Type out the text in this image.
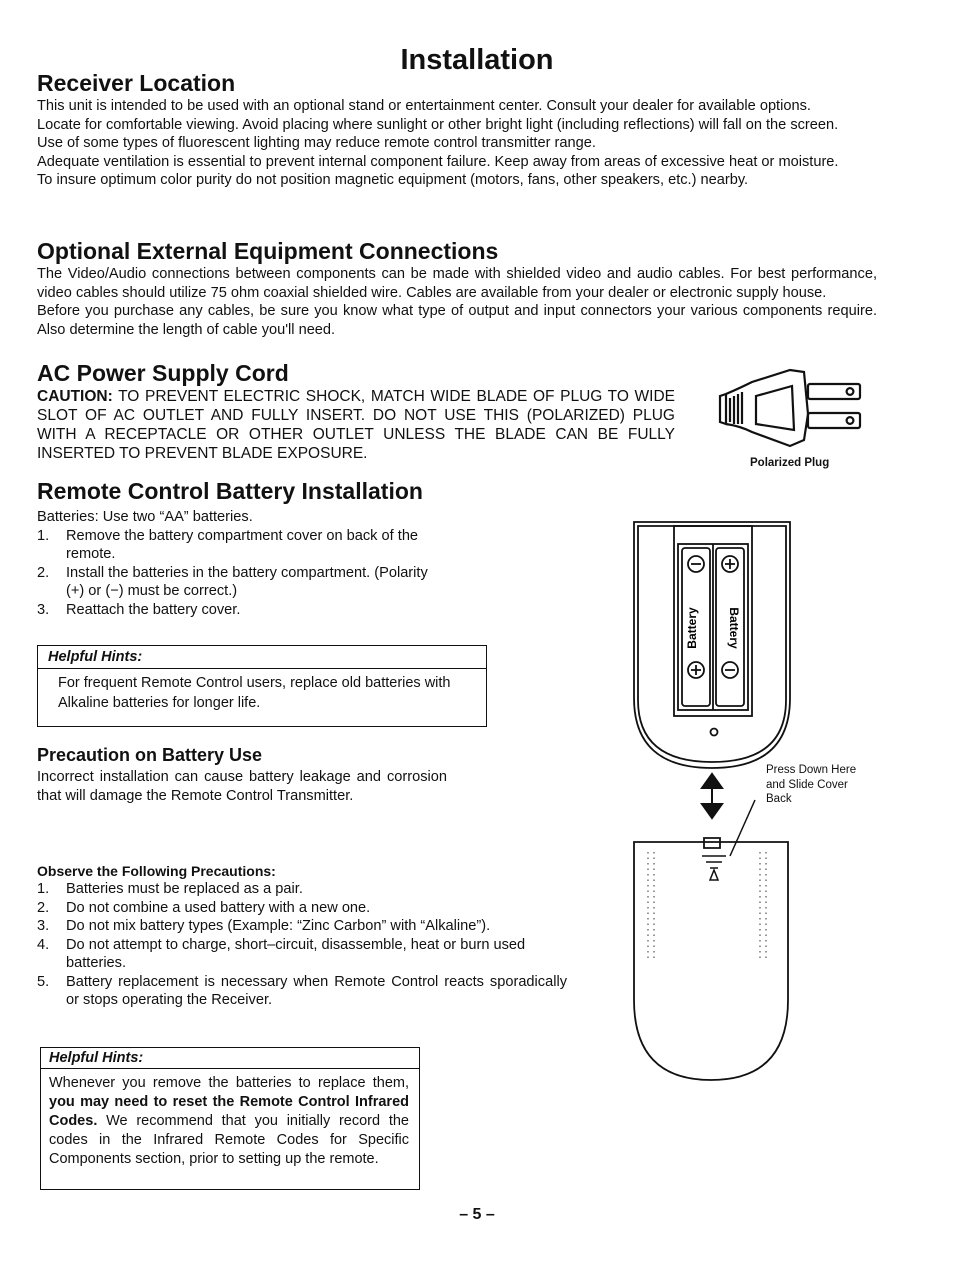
Installation
Receiver Location

This unit is intended to be used with an optional stand or entertainment center. Consult your dealer for available options.

Locate for comfortable viewing. Avoid placing where sunlight or other bright light (including reflections) will fall on the screen.

Use of some types of fluorescent lighting may reduce remote control transmitter range.

Adequate ventilation is essential to prevent internal component failure. Keep away from areas of excessive heat or moisture.

To insure optimum color purity do not position magnetic equipment (motors, fans, other speakers, etc.) nearby.

Optional External Equipment Connections

The Video/Audio connections between components can be made with shielded video and audio cables. For best performance, video cables should utilize 75 ohm coaxial shielded wire. Cables are available from your dealer or electronic supply house.

Before you purchase any cables, be sure you know what type of output and input connectors your various components require. Also determine the length of cable you'll need.

AC Power Supply Cord
CAUTION: TO PREVENT ELECTRIC SHOCK, MATCH WIDE BLADE OF PLUG TO WIDE SLOT OF AC OUTLET AND FULLY INSERT. DO NOT USE THIS (POLARIZED) PLUG WITH A RECEPTACLE OR OTHER OUTLET UNLESS THE BLADE CAN BE FULLY INSERTED TO PREVENT BLADE EXPOSURE.
Polarized Plug
Remote Control Battery Installation

Batteries: Use two “AA” batteries.

1. Remove the battery compartment cover on back of the remote.
2. Install the batteries in the battery compartment. (Polarity (+) or (−) must be correct.)
3. Reattach the battery cover.
Helpful Hints:
For frequent Remote Control users, replace old batteries with Alkaline batteries for longer life.
Precaution on Battery Use
Incorrect installation can cause battery leakage and corrosion that will damage the Remote Control Transmitter.
Observe the Following Precautions:
1. Batteries must be replaced as a pair.
2. Do not combine a used battery with a new one.
3. Do not mix battery types (Example: “Zinc Carbon” with “Alkaline”).
4. Do not attempt to charge, short–circuit, disassemble, heat or burn used batteries.
5. Battery replacement is necessary when Remote Control reacts sporadically or stops operating the Receiver.
Helpful Hints:
Whenever you remove the batteries to replace them, you may need to reset the Remote Control Infrared Codes. We recommend that you initially record the codes in the Infrared Remote Codes for Specific Components section, prior to setting up the remote.
Battery Battery
Press Down Here and Slide Cover Back
– 5 –
